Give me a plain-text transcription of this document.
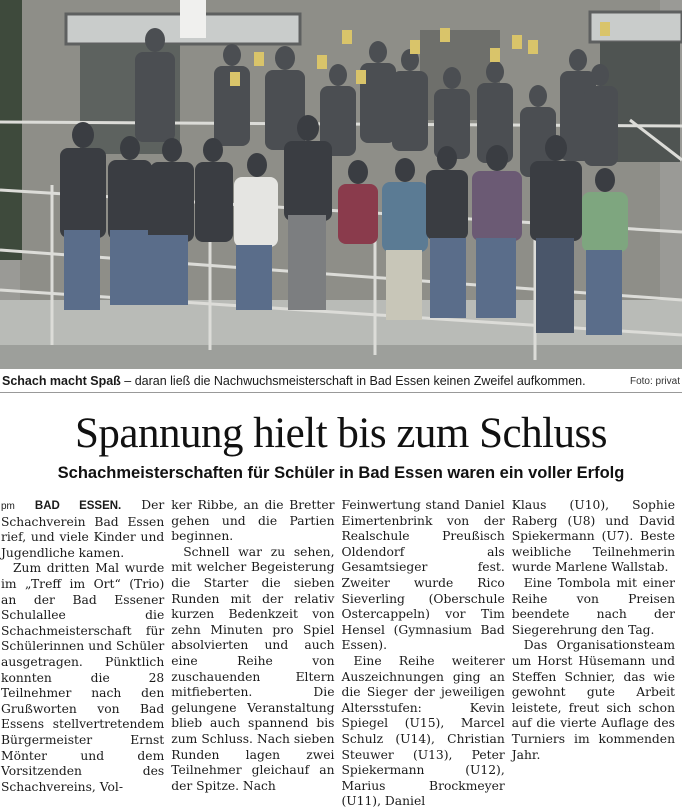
Schach macht Spaß – daran ließ die Nachwuchsmeisterschaft in Bad Essen keinen Zweifel aufkommen.	Foto: privat
Spannung hielt bis zum Schluss
Schachmeisterschaften für Schüler in Bad Essen waren ein voller Erfolg

pm BAD ESSEN. Der Schachverein Bad Essen rief, und viele Kinder und Jugendliche kamen.

Zum dritten Mal wurde im „Treff im Ort“ (Trio) an der Bad Essener Schulallee die Schachmeisterschaft für Schülerinnen und Schüler ausgetragen. Pünktlich konnten die 28 Teilnehmer nach den Grußworten von Bad Essens stellvertretendem Bürgermeister Ernst Mönter und dem Vorsitzenden des Schachvereins, Vol-

ker Ribbe, an die Bretter gehen und die Partien beginnen.

Schnell war zu sehen, mit welcher Begeisterung die Starter die sieben Runden mit der relativ kurzen Bedenkzeit von zehn Minuten pro Spiel absolvierten und auch eine Reihe von zuschauenden Eltern mitfieberten. Die gelungene Veranstaltung blieb auch spannend bis zum Schluss. Nach sieben Runden lagen zwei Teilnehmer gleichauf an der Spitze. Nach

Feinwertung stand Daniel Eimertenbrink von der Realschule Preußisch Oldendorf als Gesamtsieger fest. Zweiter wurde Rico Sieverling (Oberschule Ostercappeln) vor Tim Hensel (Gymnasium Bad Essen).

Eine Reihe weiterer Auszeichnungen ging an die Sieger der jeweiligen Altersstufen: Kevin Spiegel (U15), Marcel Schulz (U14), Christian Steuwer (U13), Peter Spiekermann (U12), Marius Brockmeyer (U11), Daniel

Klaus (U10), Sophie Raberg (U8) und David Spiekermann (U7). Beste weibliche Teilnehmerin wurde Marlene Wallstab.

Eine Tombola mit einer Reihe von Preisen beendete nach der Siegerehrung den Tag.

Das Organisationsteam um Horst Hüsemann und Steffen Schnier, das wie gewohnt gute Arbeit leistete, freut sich schon auf die vierte Auflage des Turniers im kommenden Jahr.
